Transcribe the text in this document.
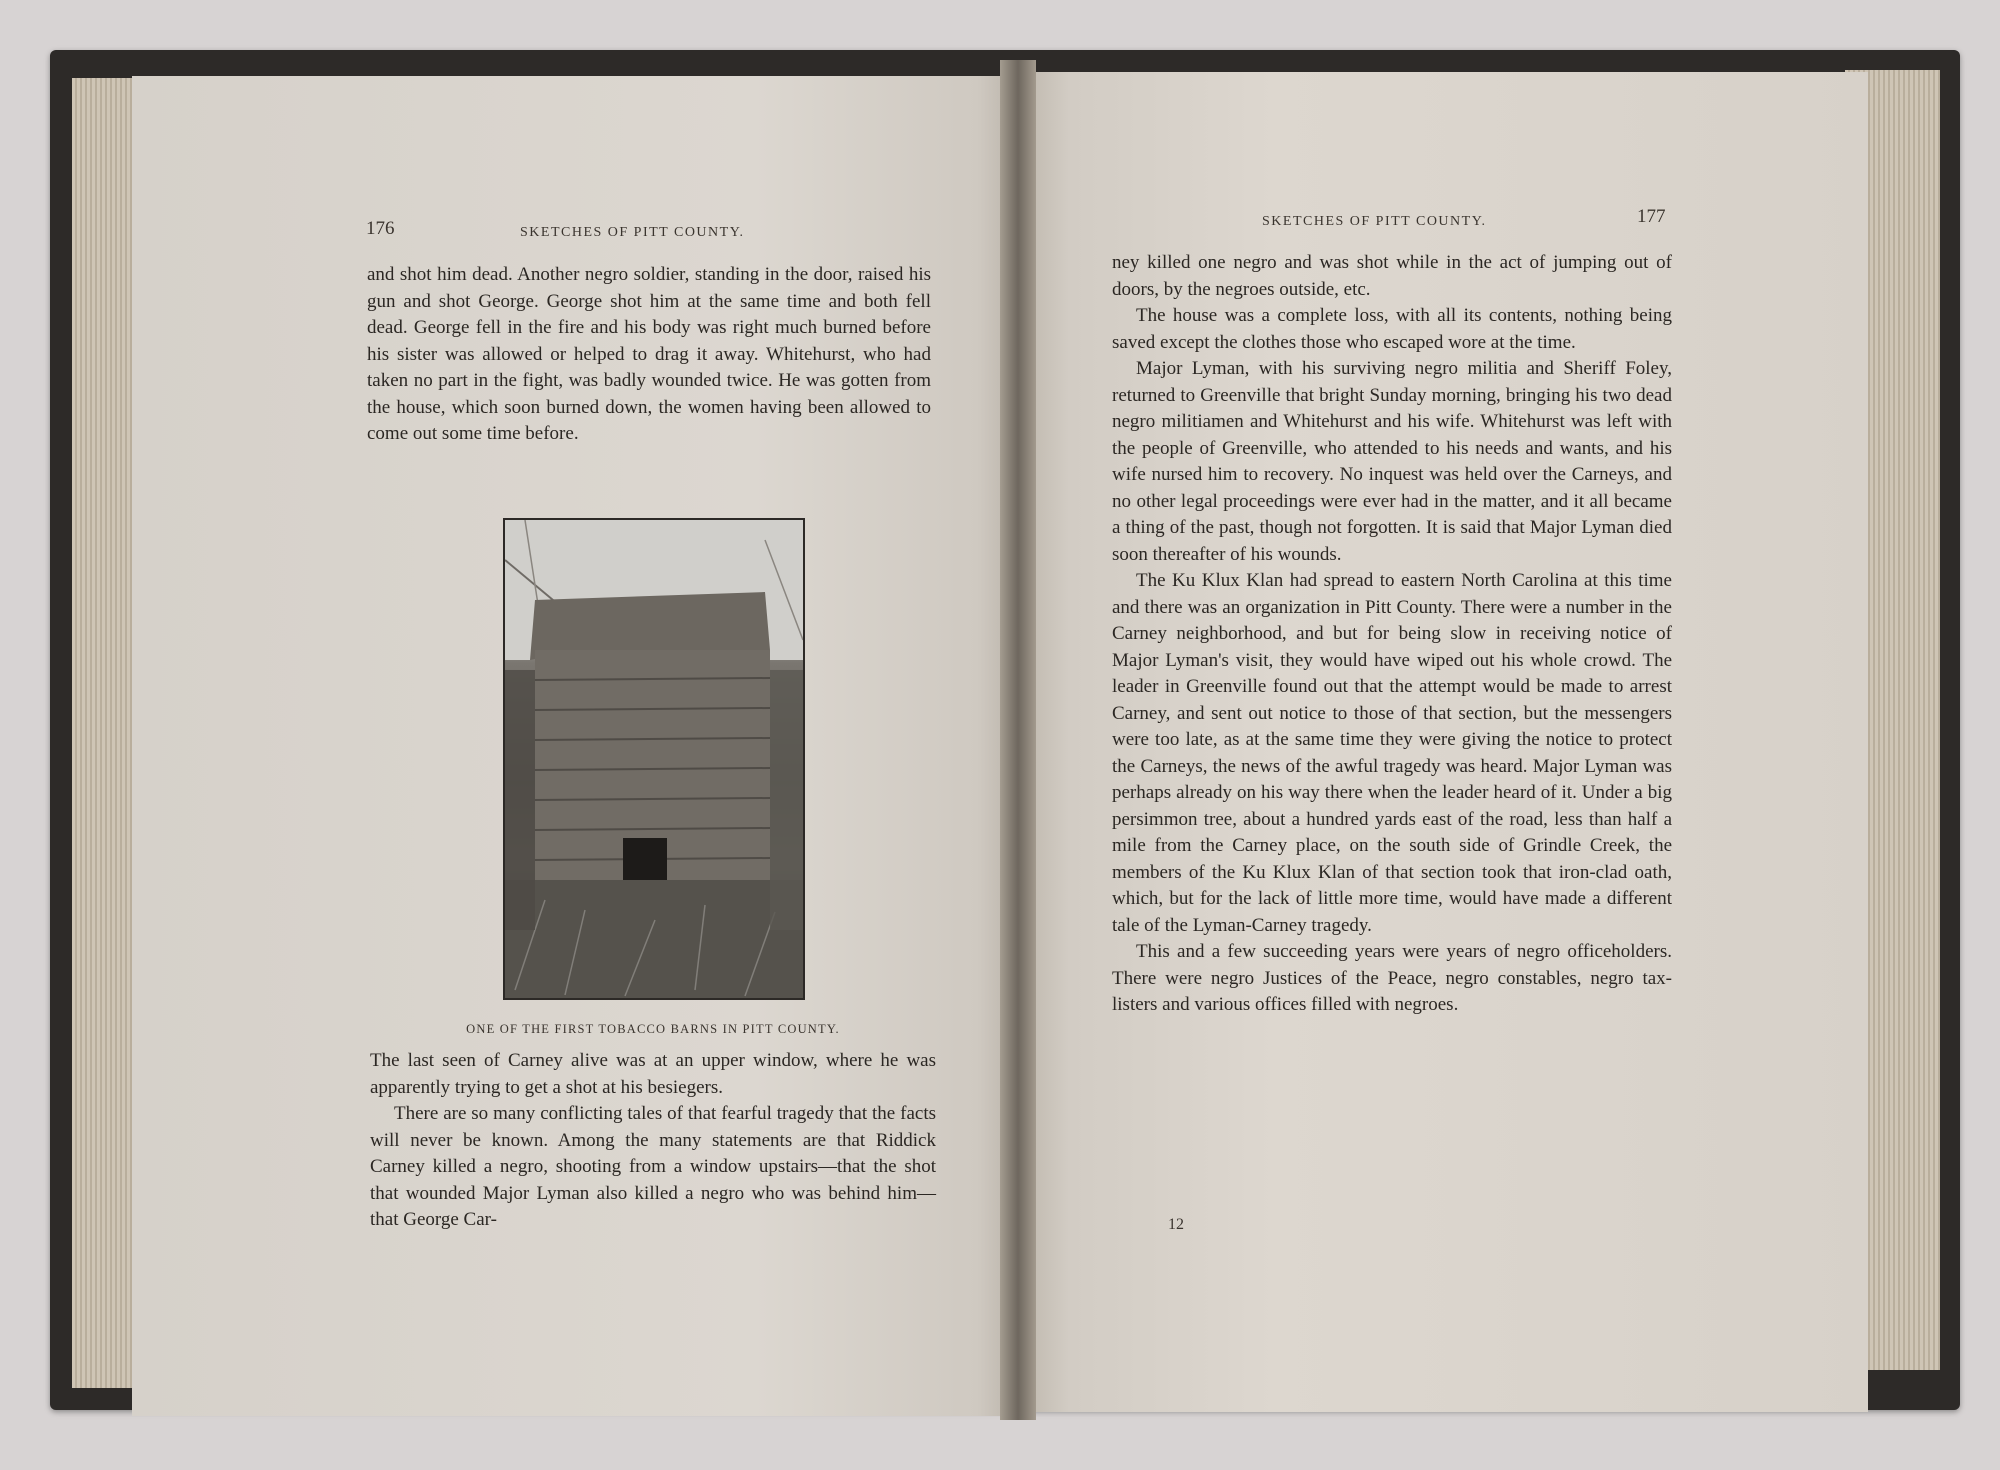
176	SKETCHES OF PITT COUNTY.

and shot him dead. Another negro soldier, standing in the door, raised his gun and shot George. George shot him at the same time and both fell dead. George fell in the fire and his body was right much burned before his sister was allowed or helped to drag it away. Whitehurst, who had taken no part in the fight, was badly wounded twice. He was gotten from the house, which soon burned down, the women having been allowed to come out some time before.

ONE OF THE FIRST TOBACCO BARNS IN PITT COUNTY.

The last seen of Carney alive was at an upper window, where he was apparently trying to get a shot at his besiegers.

There are so many conflicting tales of that fearful tragedy that the facts will never be known. Among the many statements are that Riddick Carney killed a negro, shooting from a window upstairs—that the shot that wounded Major Lyman also killed a negro who was behind him—that George Car-

SKETCHES OF PITT COUNTY.	177

ney killed one negro and was shot while in the act of jumping out of doors, by the negroes outside, etc.

The house was a complete loss, with all its contents, nothing being saved except the clothes those who escaped wore at the time.

Major Lyman, with his surviving negro militia and Sheriff Foley, returned to Greenville that bright Sunday morning, bringing his two dead negro militiamen and Whitehurst and his wife. Whitehurst was left with the people of Greenville, who attended to his needs and wants, and his wife nursed him to recovery. No inquest was held over the Carneys, and no other legal proceedings were ever had in the matter, and it all became a thing of the past, though not forgotten. It is said that Major Lyman died soon thereafter of his wounds.

The Ku Klux Klan had spread to eastern North Carolina at this time and there was an organization in Pitt County. There were a number in the Carney neighborhood, and but for being slow in receiving notice of Major Lyman's visit, they would have wiped out his whole crowd. The leader in Greenville found out that the attempt would be made to arrest Carney, and sent out notice to those of that section, but the messengers were too late, as at the same time they were giving the notice to protect the Carneys, the news of the awful tragedy was heard. Major Lyman was perhaps already on his way there when the leader heard of it. Under a big persimmon tree, about a hundred yards east of the road, less than half a mile from the Carney place, on the south side of Grindle Creek, the members of the Ku Klux Klan of that section took that iron-clad oath, which, but for the lack of little more time, would have made a different tale of the Lyman-Carney tragedy.

This and a few succeeding years were years of negro officeholders. There were negro Justices of the Peace, negro constables, negro tax-listers and various offices filled with negroes.

12
